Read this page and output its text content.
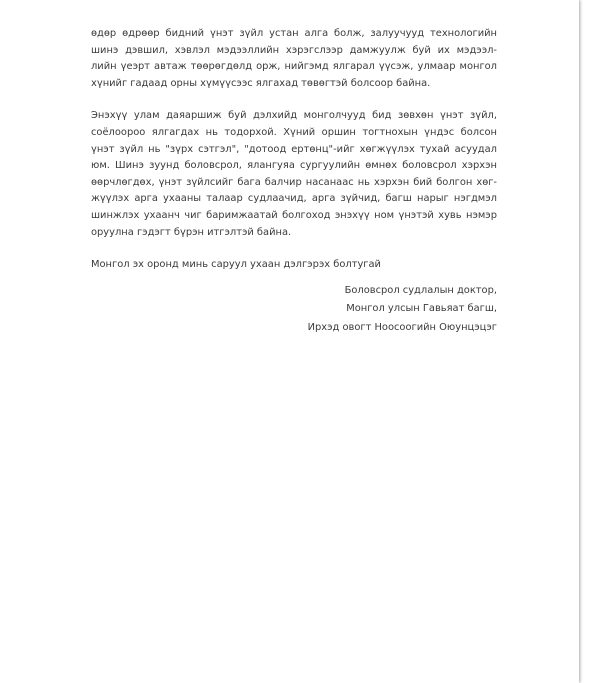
өдөр өдрөөр бидний үнэт зүйл устан алга болж, залуучууд технологийн

шинэ дэвшил, хэвлэл мэдээллийн хэрэгслээр дамжуулж буй их мэдээл-

лийн үеэрт автаж төөрөгдөлд орж, нийгэмд ялгарал үүсэж, улмаар монгол

хүнийг гадаад орны хүмүүсээс ялгахад төвөгтэй болсоор байна.

Энэхүү улам даяаршиж буй дэлхийд монголчууд бид зөвхөн үнэт зүйл,

соёлоороо ялгагдах нь тодорхой. Хүний оршин тогтнохын үндэс болсон

үнэт зүйл нь "зүрх сэтгэл", "дотоод ертөнц"-ийг хөгжүүлэх тухай асуудал

юм. Шинэ зуунд боловсрол, ялангуяа сургуулийн өмнөх боловсрол хэрхэн

өөрчлөгдөх, үнэт зүйлсийг бага балчир насанаас нь хэрхэн бий болгон хөг-

жүүлэх арга ухааны талаар судлаачид, арга зүйчид, багш нарыг нэгдмэл

шинжлэх ухаанч чиг баримжаатай болгоход энэхүү ном үнэтэй хувь нэмэр

оруулна гэдэгт бүрэн итгэлтэй байна.

Монгол эх оронд минь саруул ухаан дэлгэрэх болтугай
Боловсрол судлалын доктор,
Монгол улсын Гавьяат багш,
Ирхэд овогт Нооcоогийн Оюунцэцэг
